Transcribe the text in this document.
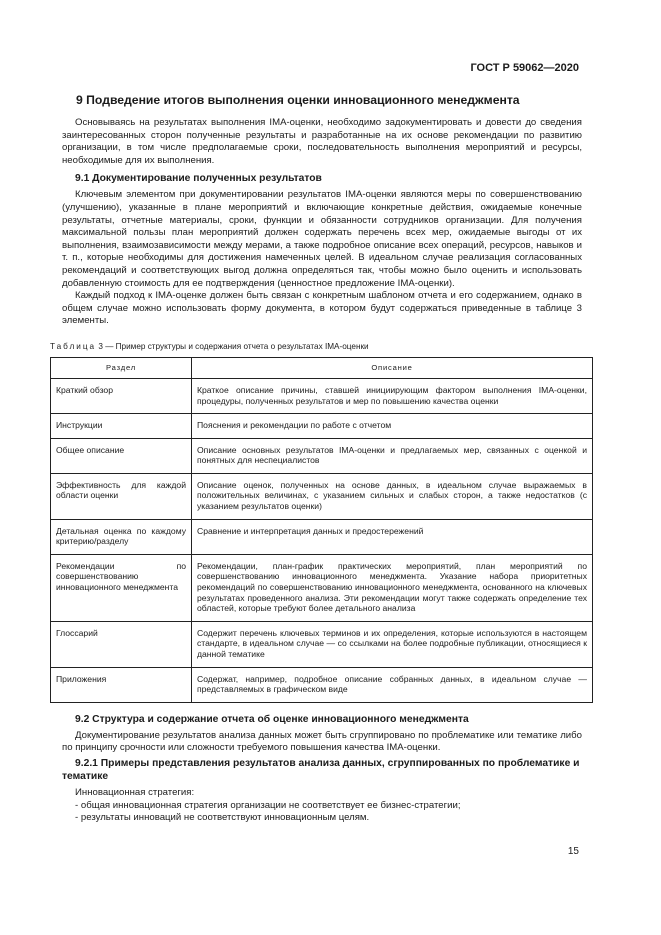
ГОСТ Р 59062—2020
9 Подведение итогов выполнения оценки инновационного менеджмента

Основываясь на результатах выполнения IMA-оценки, необходимо задокументировать и довести до сведения заинтересованных сторон полученные результаты и разработанные на их основе рекомендации по развитию организации, в том числе предполагаемые сроки, последовательность выполнения мероприятий и ресурсы, необходимые для их выполнения.

9.1 Документирование полученных результатов

Ключевым элементом при документировании результатов IMA-оценки являются меры по совершенствованию (улучшению), указанные в плане мероприятий и включающие конкретные действия, ожидаемые конечные результаты, отчетные материалы, сроки, функции и обязанности сотрудников организации. Для получения максимальной пользы план мероприятий должен содержать перечень всех мер, ожидаемые выгоды от их выполнения, взаимозависимости между мерами, а также подробное описание всех операций, ресурсов, навыков и т. п., которые необходимы для достижения намеченных целей. В идеальном случае реализация согласованных рекомендаций и соответствующих выгод должна определяться так, чтобы можно было оценить и использовать добавленную стоимость для ее подтверждения (ценностное предложение IMA-оценки).

Каждый подход к IMA-оценке должен быть связан с конкретным шаблоном отчета и его содержанием, однако в общем случае можно использовать форму документа, в котором будут содержаться приведенные в таблице 3 элементы.

Таблица 3 — Пример структуры и содержания отчета о результатах IMA-оценки
Раздел	Описание
Краткий обзор	Краткое описание причины, ставшей инициирующим фактором выполнения IMA-оценки, процедуры, полученных результатов и мер по повышению качества оценки
Инструкции	Пояснения и рекомендации по работе с отчетом
Общее описание	Описание основных результатов IMA-оценки и предлагаемых мер, связанных с оценкой и понятных для неспециалистов
Эффективность для каждой области оценки	Описание оценок, полученных на основе данных, в идеальном случае выражаемых в положительных величинах, с указанием сильных и слабых сторон, а также недостатков (с указанием результатов оценки)
Детальная оценка по каждому критерию/разделу	Сравнение и интерпретация данных и предостережений
Рекомендации по совершенствованию инновационного менеджмента	Рекомендации, план-график практических мероприятий, план мероприятий по совершенствованию инновационного менеджмента. Указание набора приоритетных рекомендаций по совершенствованию инновационного менеджмента, основанного на ключевых результатах проведенного анализа. Эти рекомендации могут также содержать определение тех областей, которые требуют более детального анализа
Глоссарий	Содержит перечень ключевых терминов и их определения, которые используются в настоящем стандарте, в идеальном случае — со ссылками на более подробные публикации, относящиеся к данной тематике
Приложения	Содержат, например, подробное описание собранных данных, в идеальном случае — представляемых в графическом виде
9.2 Структура и содержание отчета об оценке инновационного менеджмента

Документирование результатов анализа данных может быть сгруппировано по проблематике или тематике либо по принципу срочности или сложности требуемого повышения качества IMA-оценки.

9.2.1 Примеры представления результатов анализа данных, сгруппированных по проблематике и тематике

Инновационная стратегия:

- общая инновационная стратегия организации не соответствует ее бизнес-стратегии;

- результаты инноваций не соответствуют инновационным целям.

15
